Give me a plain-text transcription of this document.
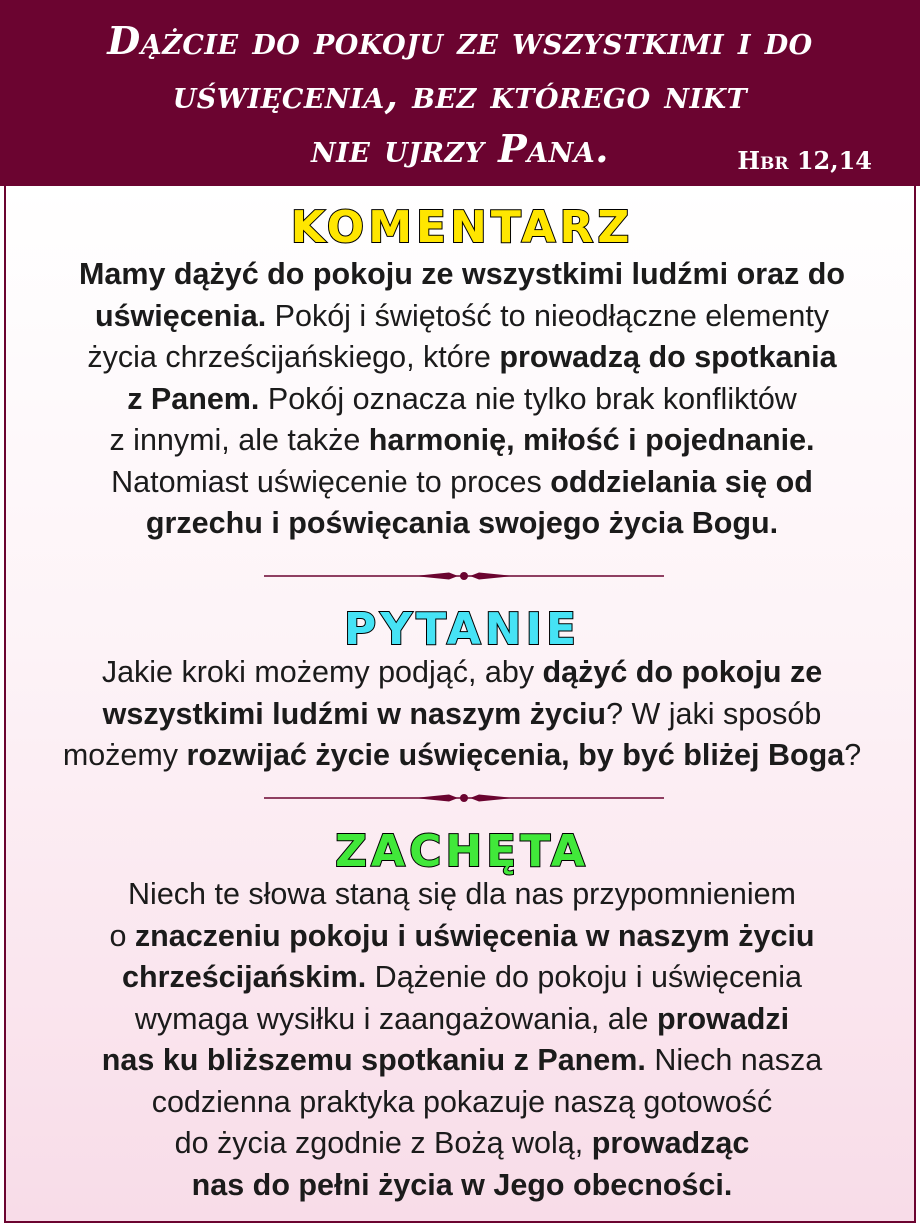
Dążcie do pokoju ze wszystkimi i do
uświęcenia, bez którego nikt
nie ujrzy Pana.	Hbr 12,14
KOMENTARZ
Mamy dążyć do pokoju ze wszystkimi ludźmi oraz do
uświęcenia. Pokój i świętość to nieodłączne elementy
życia chrześcijańskiego, które prowadzą do spotkania
z Panem. Pokój oznacza nie tylko brak konfliktów
z innymi, ale także harmonię, miłość i pojednanie.
Natomiast uświęcenie to proces oddzielania się od
grzechu i poświęcania swojego życia Bogu.
PYTANIE
Jakie kroki możemy podjąć, aby dążyć do pokoju ze
wszystkimi ludźmi w naszym życiu? W jaki sposób
możemy rozwijać życie uświęcenia, by być bliżej Boga?
ZACHĘTA
Niech te słowa staną się dla nas przypomnieniem
o znaczeniu pokoju i uświęcenia w naszym życiu
chrześcijańskim. Dążenie do pokoju i uświęcenia
wymaga wysiłku i zaangażowania, ale prowadzi
nas ku bliższemu spotkaniu z Panem. Niech nasza
codzienna praktyka pokazuje naszą gotowość
do życia zgodnie z Bożą wolą, prowadząc
nas do pełni życia w Jego obecności.
